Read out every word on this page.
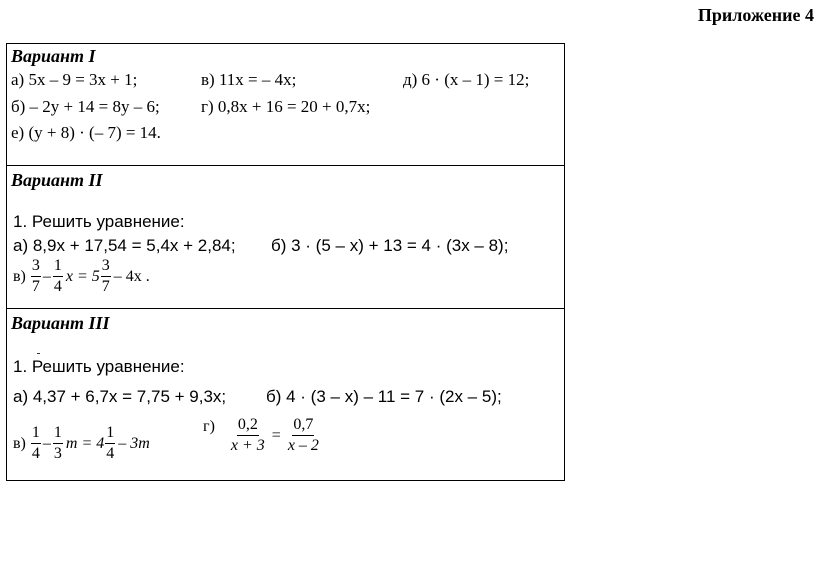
Приложение 4
Вариант I
а) 5x – 9 = 3x + 1;	в) 11x = – 4x;	д) 6 · (x – 1) = 12;
б) – 2y + 14 = 8y – 6; г) 0,8x + 16 = 20 + 0,7x;
е) (y + 8) · (– 7) = 14.
Вариант II
1. Решить уравнение:
а) 8,9x + 17,54 = 5,4x + 2,84; б) 3 · (5 – x) + 13 = 4 · (3x – 8);
$в) \frac{3}{7} - \frac{1}{4}$ $x = 5 \frac{3}{7} - 4x$ .
Вариант III
1. Решить уравнение:
а) 4,37 + 6,7x = 7,75 + 9,3x; б) 4 · (3 – x) – 11 = 7 · (2x – 5);
$в) \frac{1}{4} - \frac{1}{3}$ $m = 4 \frac{1}{4} - 3m$
$г) \frac{0,2}{x + 3} = \frac{0,7}{x - 2}$
